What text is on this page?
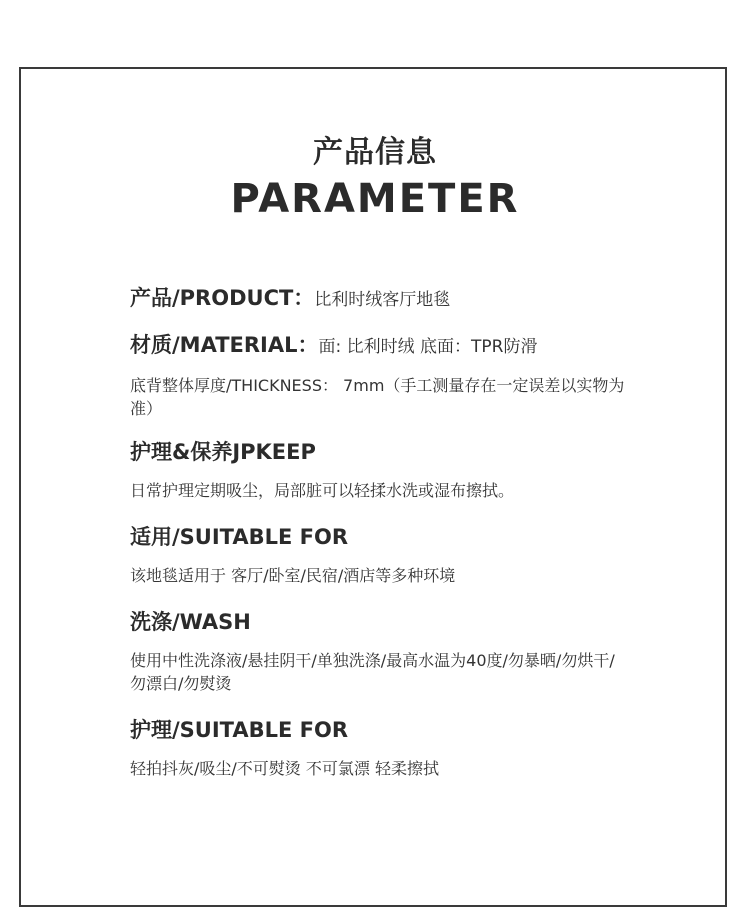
产品信息
PARAMETER
产品/PRODUCT：比利时绒客厅地毯
材质/MATERIAL：面: 比利时绒 底面：TPR防滑
底背整体厚度/THICKNESS： 7mm（手工测量存在一定误差以实物为准）
护理&保养JPKEEP
日常护理定期吸尘，局部脏可以轻揉水洗或湿布擦拭。
适用/SUITABLE FOR
该地毯适用于 客厅/卧室/民宿/酒店等多种环境
洗涤/WASH
使用中性洗涤液/悬挂阴干/单独洗涤/最高水温为40度/勿暴晒/勿烘干/勿漂白/勿熨烫
护理/SUITABLE FOR
轻拍抖灰/吸尘/不可熨烫 不可氯漂 轻柔擦拭
